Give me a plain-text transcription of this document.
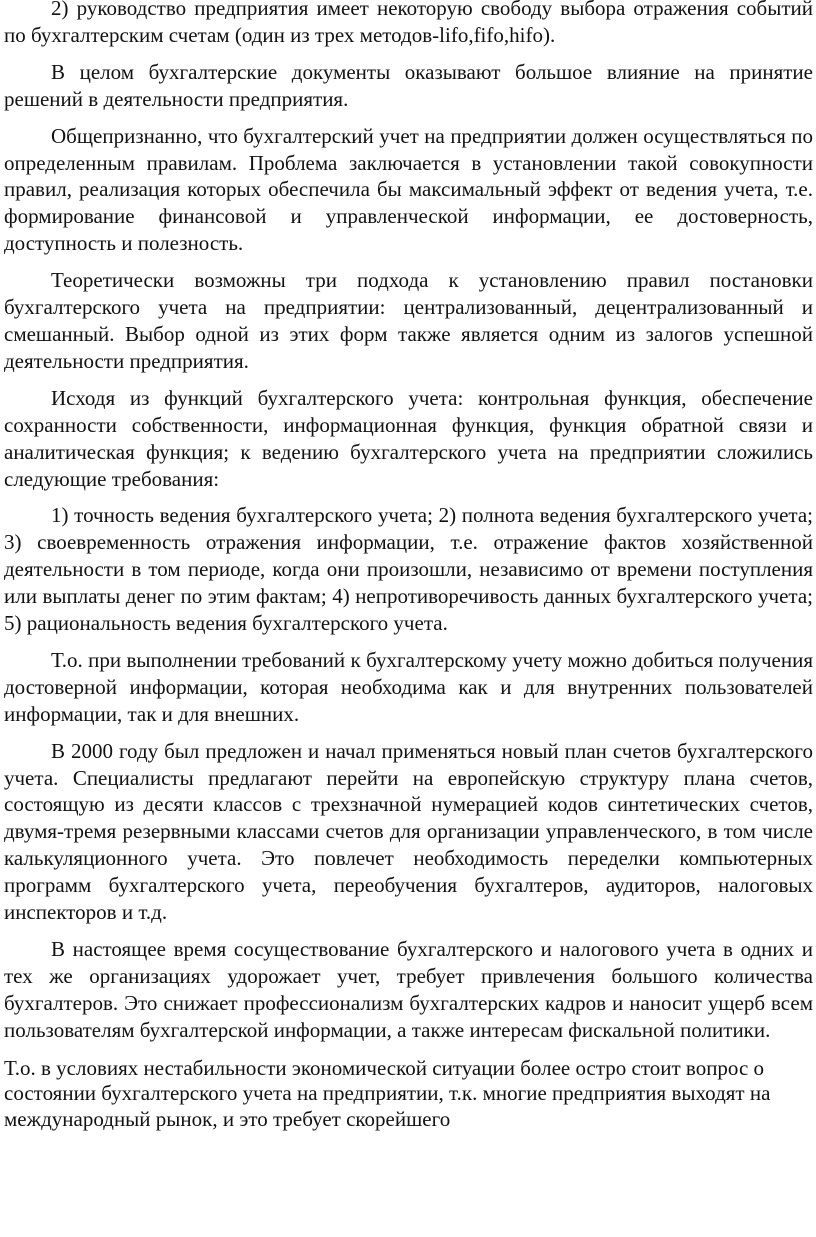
2) руководство предприятия имеет некоторую свободу выбора отражения событий по бухгалтерским счетам (один из трех методов-lifo,fifo,hifo).

В целом бухгалтерские документы оказывают большое влияние на принятие решений в деятельности предприятия.

Общепризнанно, что бухгалтерский учет на предприятии должен осуществляться по определенным правилам. Проблема заключается в установлении такой совокупности правил, реализация которых обеспечила бы максимальный эффект от ведения учета, т.е. формирование финансовой и управленческой информации, ее достоверность, доступность и полезность.

Теоретически возможны три подхода к установлению правил постановки бухгалтерского учета на предприятии: централизованный, децентрализованный и смешанный. Выбор одной из этих форм также является одним из залогов успешной деятельности предприятия.

Исходя из функций бухгалтерского учета: контрольная функция, обеспечение сохранности собственности, информационная функция, функция обратной связи и аналитическая функция; к ведению бухгалтерского учета на предприятии сложились следующие требования:

1) точность ведения бухгалтерского учета; 2) полнота ведения бухгалтерского учета; 3) своевременность отражения информации, т.е. отражение фактов хозяйственной деятельности в том периоде, когда они произошли, независимо от времени поступления или выплаты денег по этим фактам; 4) непротиворечивость данных бухгалтерского учета; 5) рациональность ведения бухгалтерского учета.

Т.о. при выполнении требований к бухгалтерскому учету можно добиться получения достоверной информации, которая необходима как и для внутренних пользователей информации, так и для внешних.

В 2000 году был предложен и начал применяться новый план счетов бухгалтерского учета. Специалисты предлагают перейти на европейскую структуру плана счетов, состоящую из десяти классов с трехзначной нумерацией кодов синтетических счетов, двумя-тремя резервными классами счетов для организации управленческого, в том числе калькуляционного учета. Это повлечет необходимость переделки компьютерных программ бухгалтерского учета, переобучения бухгалтеров, аудиторов, налоговых инспекторов и т.д.

В настоящее время сосуществование бухгалтерского и налогового учета в одних и тех же организациях удорожает учет, требует привлечения большого количества бухгалтеров. Это снижает профессионализм бухгалтерских кадров и наносит ущерб всем пользователям бухгалтерской информации, а также интересам фискальной политики.

Т.о. в условиях нестабильности экономической ситуации более остро стоит вопрос о состоянии бухгалтерского учета на предприятии, т.к. многие предприятия выходят на международный рынок, и это требует скорейшего
